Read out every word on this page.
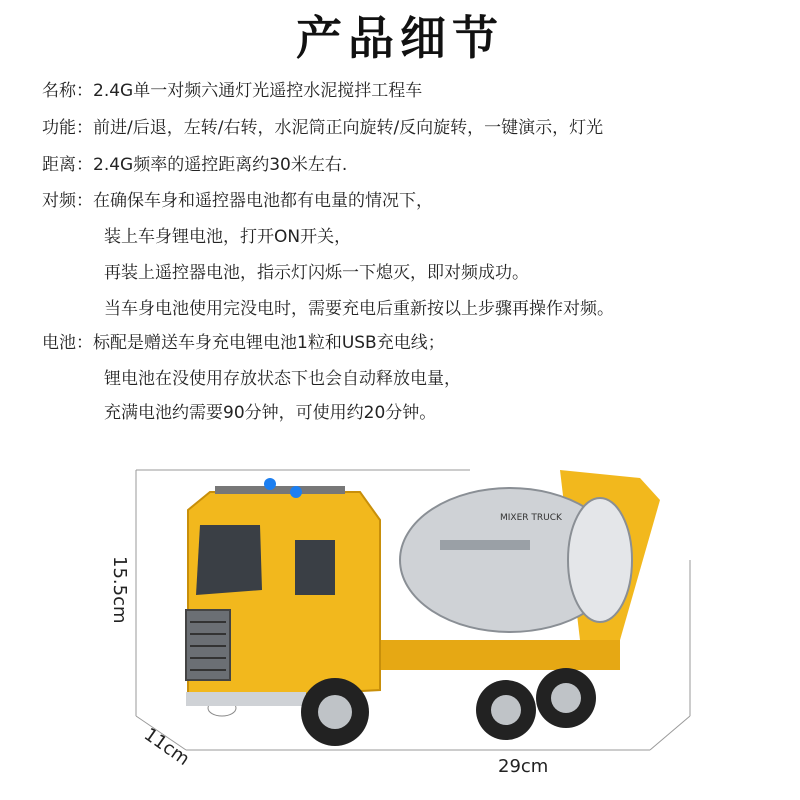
产品细节
名称：2.4G单一对频六通灯光遥控水泥搅拌工程车
功能：前进/后退，左转/右转，水泥筒正向旋转/反向旋转，一键演示，灯光
距离：2.4G频率的遥控距离约30米左右.
对频：在确保车身和遥控器电池都有电量的情况下，
装上车身锂电池，打开ON开关，
再装上遥控器电池，指示灯闪烁一下熄灭，即对频成功。
当车身电池使用完没电时，需要充电后重新按以上步骤再操作对频。
电池：标配是赠送车身充电锂电池1粒和USB充电线；
锂电池在没使用存放状态下也会自动释放电量，
充满电池约需要90分钟，可使用约20分钟。
MIXER TRUCK
15.5cm
11cm	29cm
